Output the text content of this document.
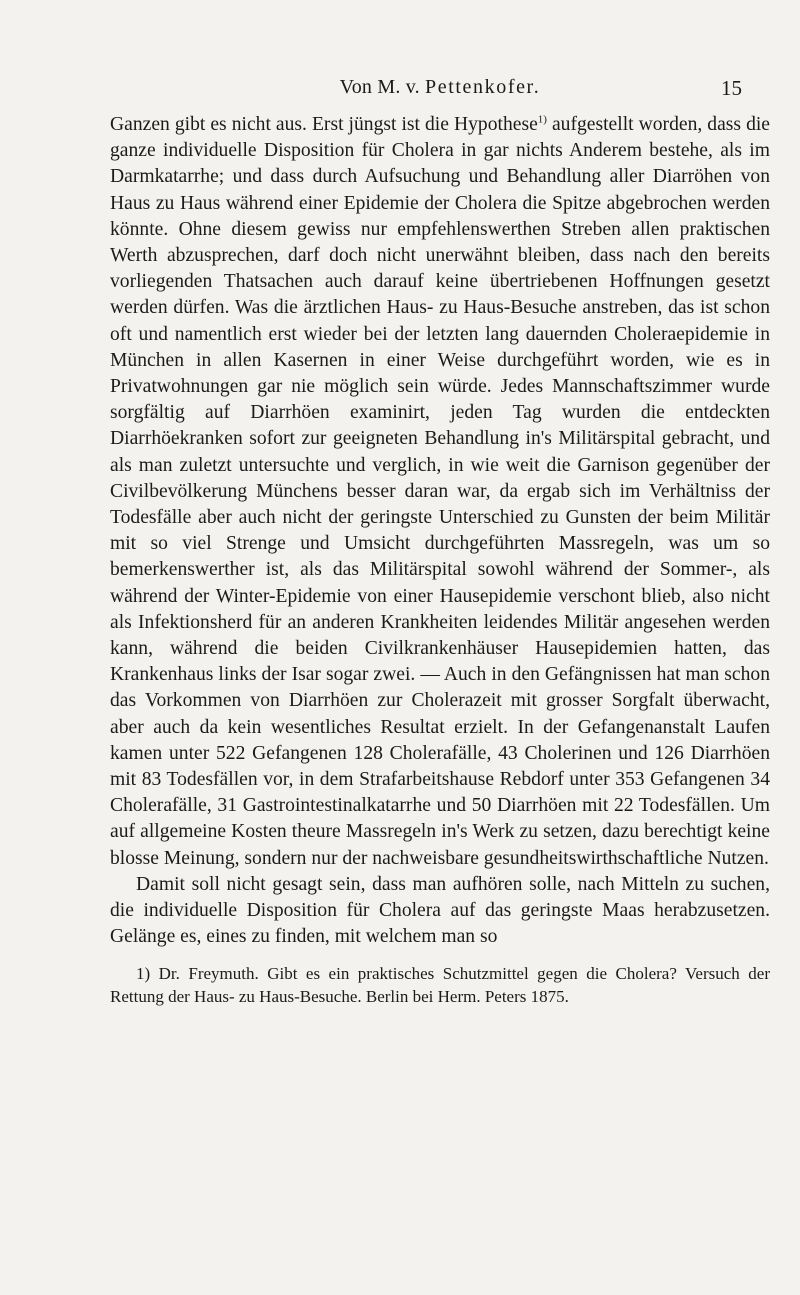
Von M. v. Pettenkofer.	15

Ganzen gibt es nicht aus. Erst jüngst ist die Hypothese$^{1)}$ aufgestellt worden, dass die ganze individuelle Disposition für Cholera in gar nichts Anderem bestehe, als im Darmkatarrhe; und dass durch Aufsuchung und Behandlung aller Diarröhen von Haus zu Haus während einer Epidemie der Cholera die Spitze abgebrochen werden könnte. Ohne diesem gewiss nur empfehlenswerthen Streben allen praktischen Werth abzusprechen, darf doch nicht unerwähnt bleiben, dass nach den bereits vorliegenden Thatsachen auch darauf keine übertriebenen Hoffnungen gesetzt werden dürfen. Was die ärztlichen Haus- zu Haus-Besuche anstreben, das ist schon oft und namentlich erst wieder bei der letzten lang dauernden Choleraepidemie in München in allen Kasernen in einer Weise durchgeführt worden, wie es in Privatwohnungen gar nie möglich sein würde. Jedes Mannschaftszimmer wurde sorgfältig auf Diarrhöen examinirt, jeden Tag wurden die entdeckten Diarrhöekranken sofort zur geeigneten Behandlung in's Militärspital gebracht, und als man zuletzt untersuchte und verglich, in wie weit die Garnison gegenüber der Civilbevölkerung Münchens besser daran war, da ergab sich im Verhältniss der Todesfälle aber auch nicht der geringste Unterschied zu Gunsten der beim Militär mit so viel Strenge und Umsicht durchgeführten Massregeln, was um so bemerkenswerther ist, als das Militärspital sowohl während der Sommer-, als während der Winter-Epidemie von einer Hausepidemie verschont blieb, also nicht als Infektionsherd für an anderen Krankheiten leidendes Militär angesehen werden kann, während die beiden Civilkrankenhäuser Hausepidemien hatten, das Krankenhaus links der Isar sogar zwei. — Auch in den Gefängnissen hat man schon das Vorkommen von Diarrhöen zur Cholerazeit mit grosser Sorgfalt überwacht, aber auch da kein wesentliches Resultat erzielt. In der Gefangenanstalt Laufen kamen unter 522 Gefangenen 128 Cholerafälle, 43 Cholerinen und 126 Diarrhöen mit 83 Todesfällen vor, in dem Strafarbeitshause Rebdorf unter 353 Gefangenen 34 Cholerafälle, 31 Gastrointestinalkatarrhe und 50 Diarrhöen mit 22 Todesfällen. Um auf allgemeine Kosten theure Massregeln in's Werk zu setzen, dazu berechtigt keine blosse Meinung, sondern nur der nachweisbare gesundheitswirthschaftliche Nutzen.

Damit soll nicht gesagt sein, dass man aufhören solle, nach Mitteln zu suchen, die individuelle Disposition für Cholera auf das geringste Maas herabzusetzen. Gelänge es, eines zu finden, mit welchem man so

1) Dr. Freymuth. Gibt es ein praktisches Schutzmittel gegen die Cholera? Versuch der Rettung der Haus- zu Haus-Besuche. Berlin bei Herm. Peters 1875.
